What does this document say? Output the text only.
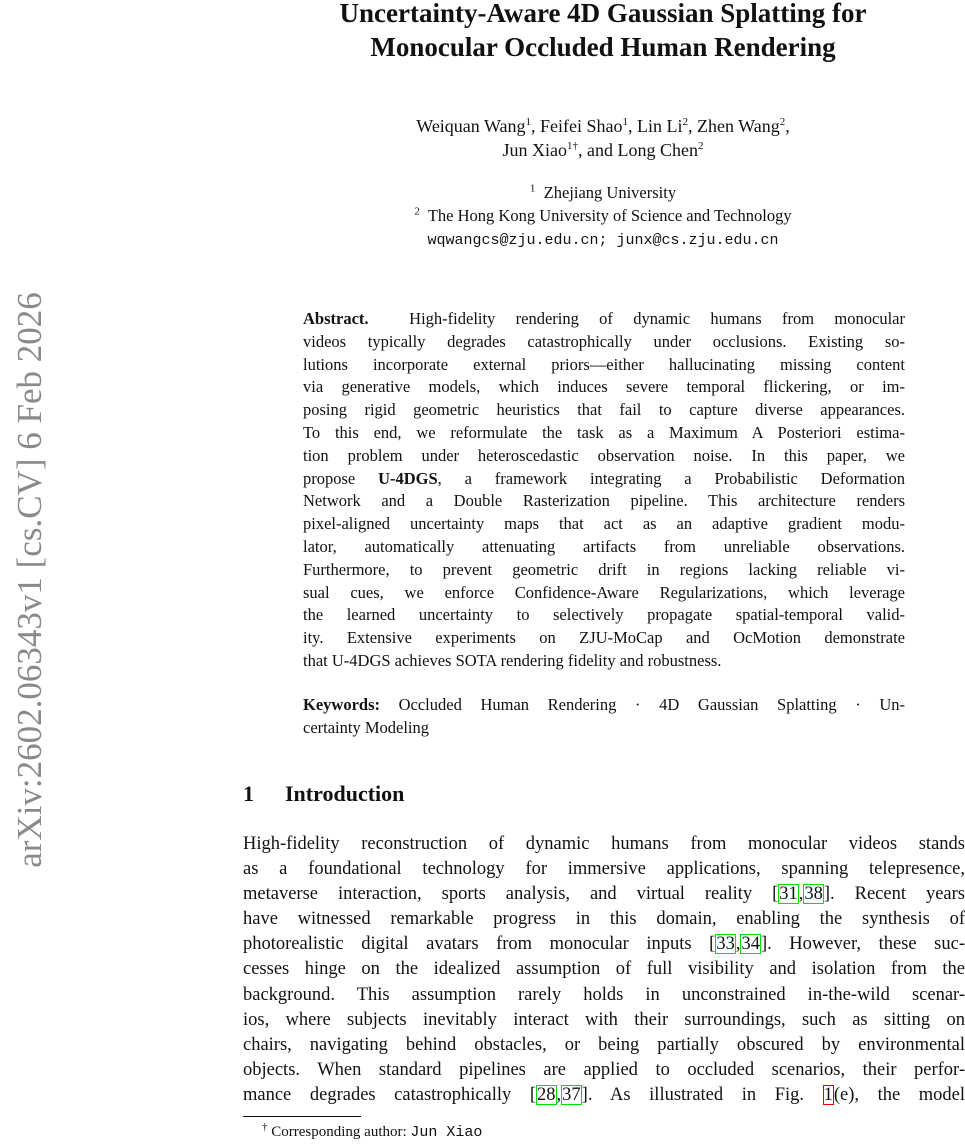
arXiv:2602.06343v1 [cs.CV] 6 Feb 2026
Uncertainty-Aware 4D Gaussian Splatting for
Monocular Occluded Human Rendering
Weiquan Wang$^1$, Feifei Shao$^1$, Lin Li$^2$, Zhen Wang$^2$,
Jun Xiao$^{1\dagger}$, and Long Chen$^2$
$^1$ Zhejiang University
$^2$ The Hong Kong University of Science and Technology
wqwangcs@zju.edu.cn; junx@cs.zju.edu.cn
Abstract.  High-fidelity rendering of dynamic humans from monocular
videos typically degrades catastrophically under occlusions. Existing so-
lutions incorporate external priors—either hallucinating missing content
via generative models, which induces severe temporal flickering, or im-
posing rigid geometric heuristics that fail to capture diverse appearances.
To this end, we reformulate the task as a Maximum A Posteriori estima-
tion problem under heteroscedastic observation noise. In this paper, we
propose U-4DGS, a framework integrating a Probabilistic Deformation
Network and a Double Rasterization pipeline. This architecture renders
pixel-aligned uncertainty maps that act as an adaptive gradient modu-
lator, automatically attenuating artifacts from unreliable observations.
Furthermore, to prevent geometric drift in regions lacking reliable vi-
sual cues, we enforce Confidence-Aware Regularizations, which leverage
the learned uncertainty to selectively propagate spatial-temporal valid-
ity. Extensive experiments on ZJU-MoCap and OcMotion demonstrate
that U-4DGS achieves SOTA rendering fidelity and robustness.
Keywords: Occluded Human Rendering · 4D Gaussian Splatting · Un-
certainty Modeling
1 Introduction
High-fidelity reconstruction of dynamic humans from monocular videos stands
as a foundational technology for immersive applications, spanning telepresence,
metaverse interaction, sports analysis, and virtual reality [31,38]. Recent years
have witnessed remarkable progress in this domain, enabling the synthesis of
photorealistic digital avatars from monocular inputs [33,34]. However, these suc-
cesses hinge on the idealized assumption of full visibility and isolation from the
background. This assumption rarely holds in unconstrained in-the-wild scenar-
ios, where subjects inevitably interact with their surroundings, such as sitting on
chairs, navigating behind obstacles, or being partially obscured by environmental
objects. When standard pipelines are applied to occluded scenarios, their perfor-
mance degrades catastrophically [28,37]. As illustrated in Fig. 1(e), the model
† Corresponding author: Jun Xiao
